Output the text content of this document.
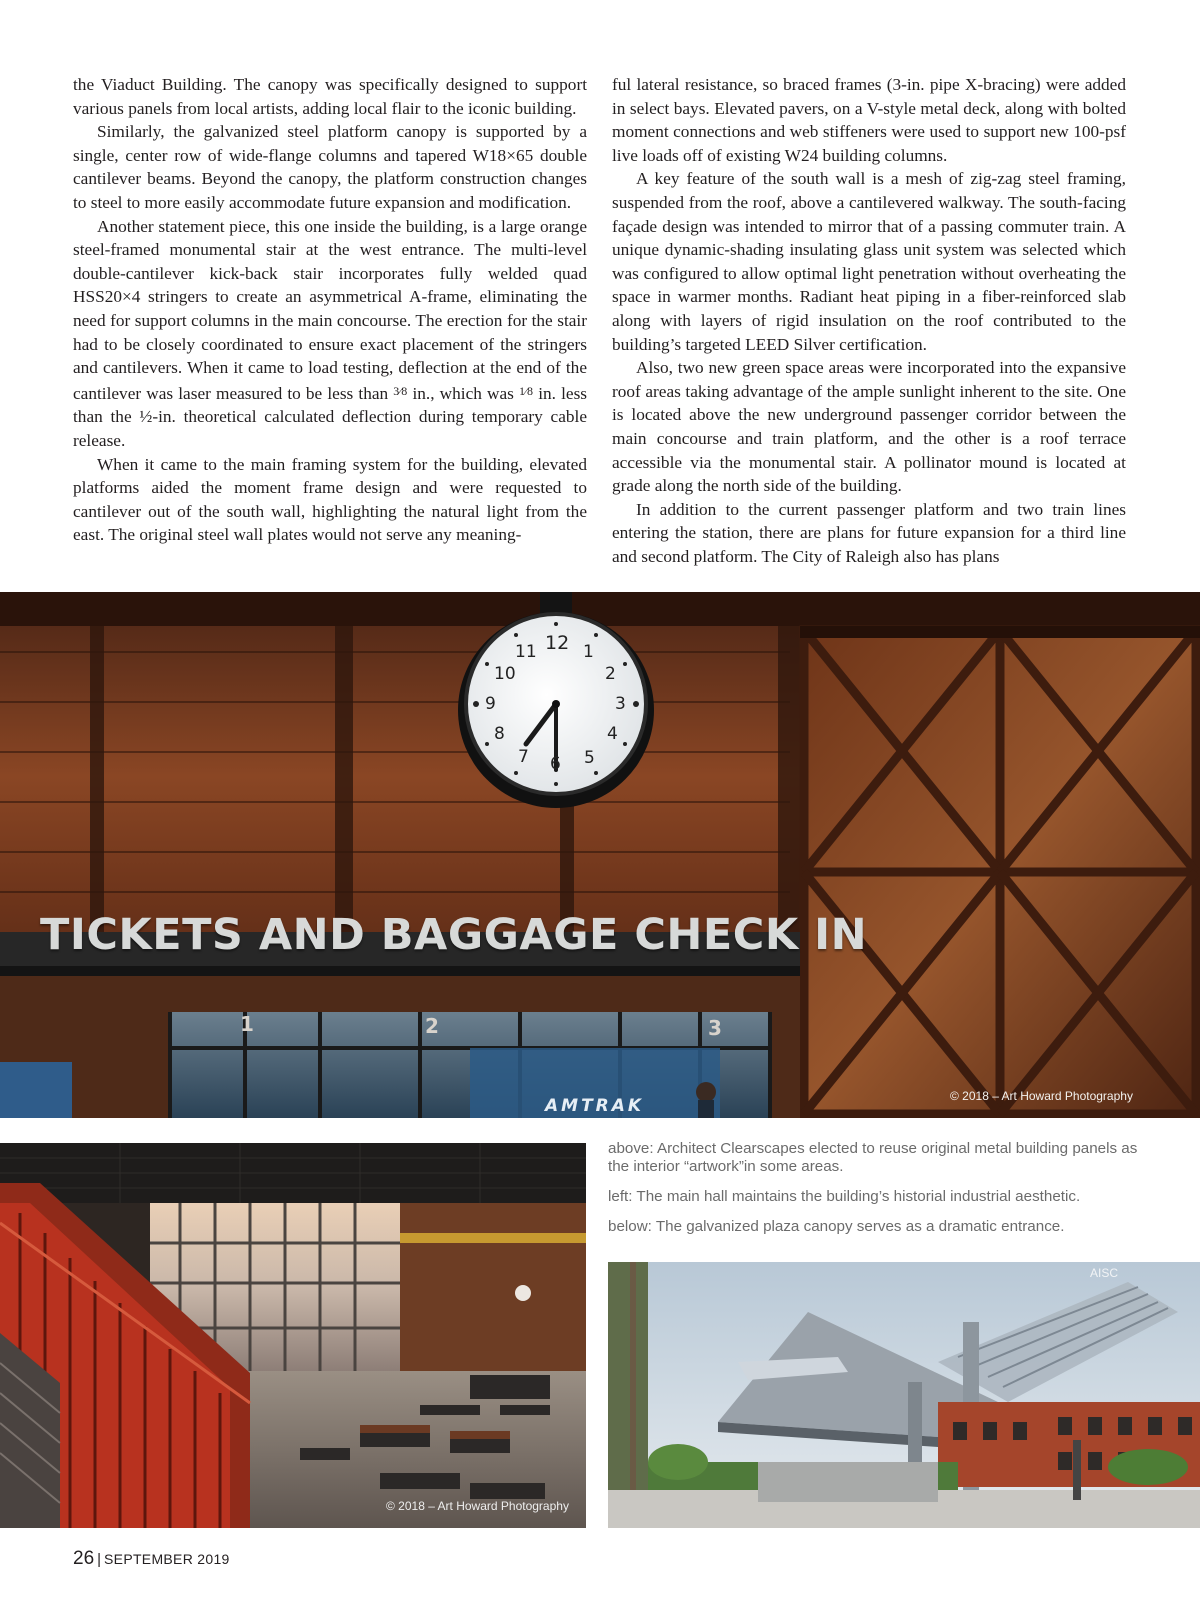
the Viaduct Building. The canopy was specifically designed to support various panels from local artists, adding local flair to the iconic building.

Similarly, the galvanized steel platform canopy is supported by a single, center row of wide-flange columns and tapered W18×65 double cantilever beams. Beyond the canopy, the platform construction changes to steel to more easily accommodate future expansion and modification.

Another statement piece, this one inside the building, is a large orange steel-framed monumental stair at the west entrance. The multi-level double-cantilever kick-back stair incorporates fully welded quad HSS20×4 stringers to create an asymmetrical A-frame, eliminating the need for support columns in the main concourse. The erection for the stair had to be closely coordinated to ensure exact placement of the stringers and cantilevers. When it came to load testing, deflection at the end of the cantilever was laser measured to be less than $^{3⁄8}$ in., which was $^{1⁄8}$ in. less than the ½-in. theoretical calculated deflection during temporary cable release.

When it came to the main framing system for the building, elevated platforms aided the moment frame design and were requested to cantilever out of the south wall, highlighting the natural light from the east. The original steel wall plates would not serve any meaning-

ful lateral resistance, so braced frames (3-in. pipe X-bracing) were added in select bays. Elevated pavers, on a V-style metal deck, along with bolted moment connections and web stiffeners were used to support new 100-psf live loads off of existing W24 building columns.

A key feature of the south wall is a mesh of zig-zag steel framing, suspended from the roof, above a cantilevered walkway. The south-facing façade design was intended to mirror that of a passing commuter train. A unique dynamic-shading insulating glass unit system was selected which was configured to allow optimal light penetration without overheating the space in warmer months. Radiant heat piping in a fiber-reinforced slab along with layers of rigid insulation on the roof contributed to the building’s targeted LEED Silver certification.

Also, two new green space areas were incorporated into the expansive roof areas taking advantage of the ample sunlight inherent to the site. One is located above the new underground passenger corridor between the main concourse and train platform, and the other is a roof terrace accessible via the monumental stair. A pollinator mound is located at grade along the north side of the building.

In addition to the current passenger platform and two train lines entering the station, there are plans for future expansion for a third line and second platform. The City of Raleigh also has plans

12 1
2
3
4
5
6
7
8
9
10
11
TICKETS AND BAGGAGE CHECK IN
1	2	3
AMTRAK	© 2018 – Art Howard Photography
© 2018 – Art Howard Photography

above: Architect Clearscapes elected to reuse original metal building panels as the interior “artwork”in some areas.

left: The main hall maintains the building’s historial industrial aesthetic.

below: The galvanized plaza canopy serves as a dramatic entrance.

AISC
26 | SEPTEMBER 2019
